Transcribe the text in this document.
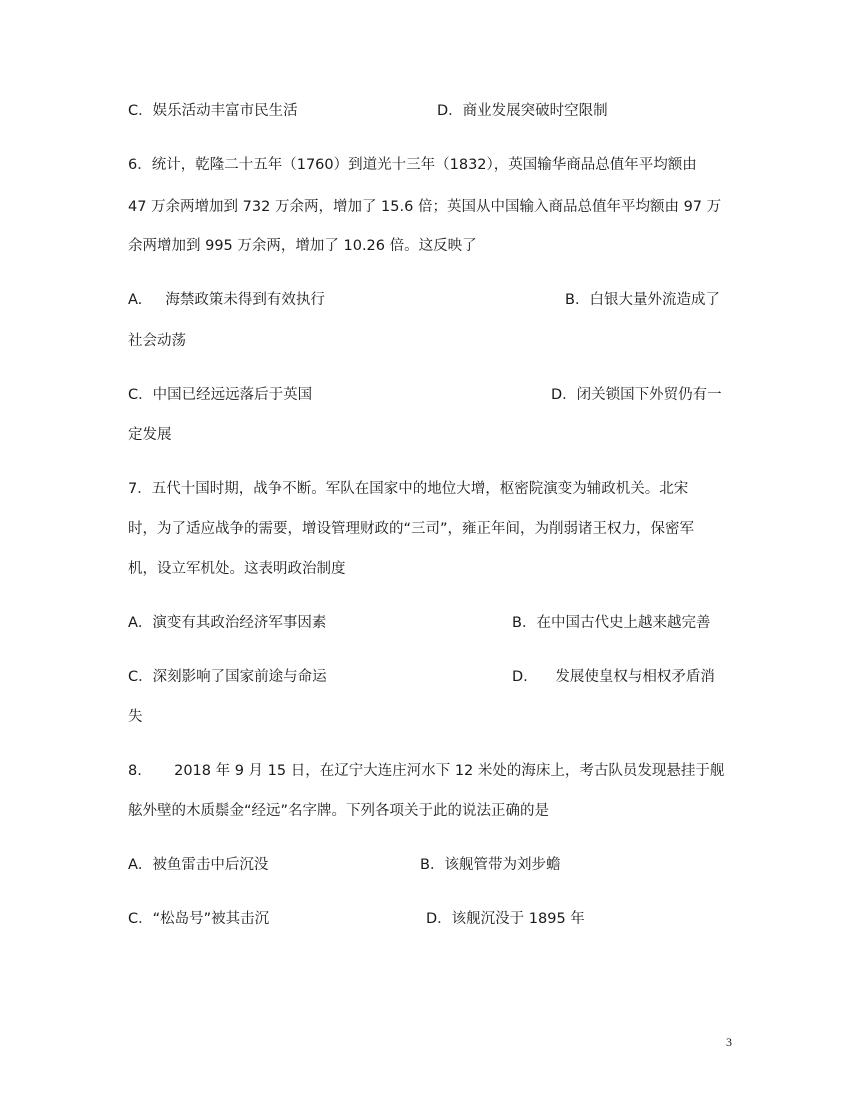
C．娱乐活动丰富市民生活	D．商业发展突破时空限制
6．统计，乾隆二十五年（1760）到道光十三年（1832），英国输华商品总值年平均额由
47 万余两增加到 732 万余两，增加了 15.6 倍；英国从中国输入商品总值年平均额由 97 万
余两增加到 995 万余两，增加了 10.26 倍。这反映了
A.     海禁政策未得到有效执行	B．白银大量外流造成了
社会动荡
C．中国已经远远落后于英国	D．闭关锁国下外贸仍有一
定发展
7．五代十国时期，战争不断。军队在国家中的地位大增，枢密院演变为辅政机关。北宋
时，为了适应战争的需要，增设管理财政的“三司”，雍正年间，为削弱诸王权力，保密军
机，设立军机处。这表明政治制度
A．演变有其政治经济军事因素	B．在中国古代史上越来越完善
C．深刻影响了国家前途与命运	D.      发展使皇权与相权矛盾消
失
8.       2018 年 9 月 15 日，在辽宁大连庄河水下 12 米处的海床上，考古队员发现悬挂于舰
舷外壁的木质鬃金“经远”名字牌。下列各项关于此的说法正确的是
A．被鱼雷击中后沉没	B．该舰管带为刘步蟾
C．“松岛号”被其击沉	D．该舰沉没于 1895 年
3
